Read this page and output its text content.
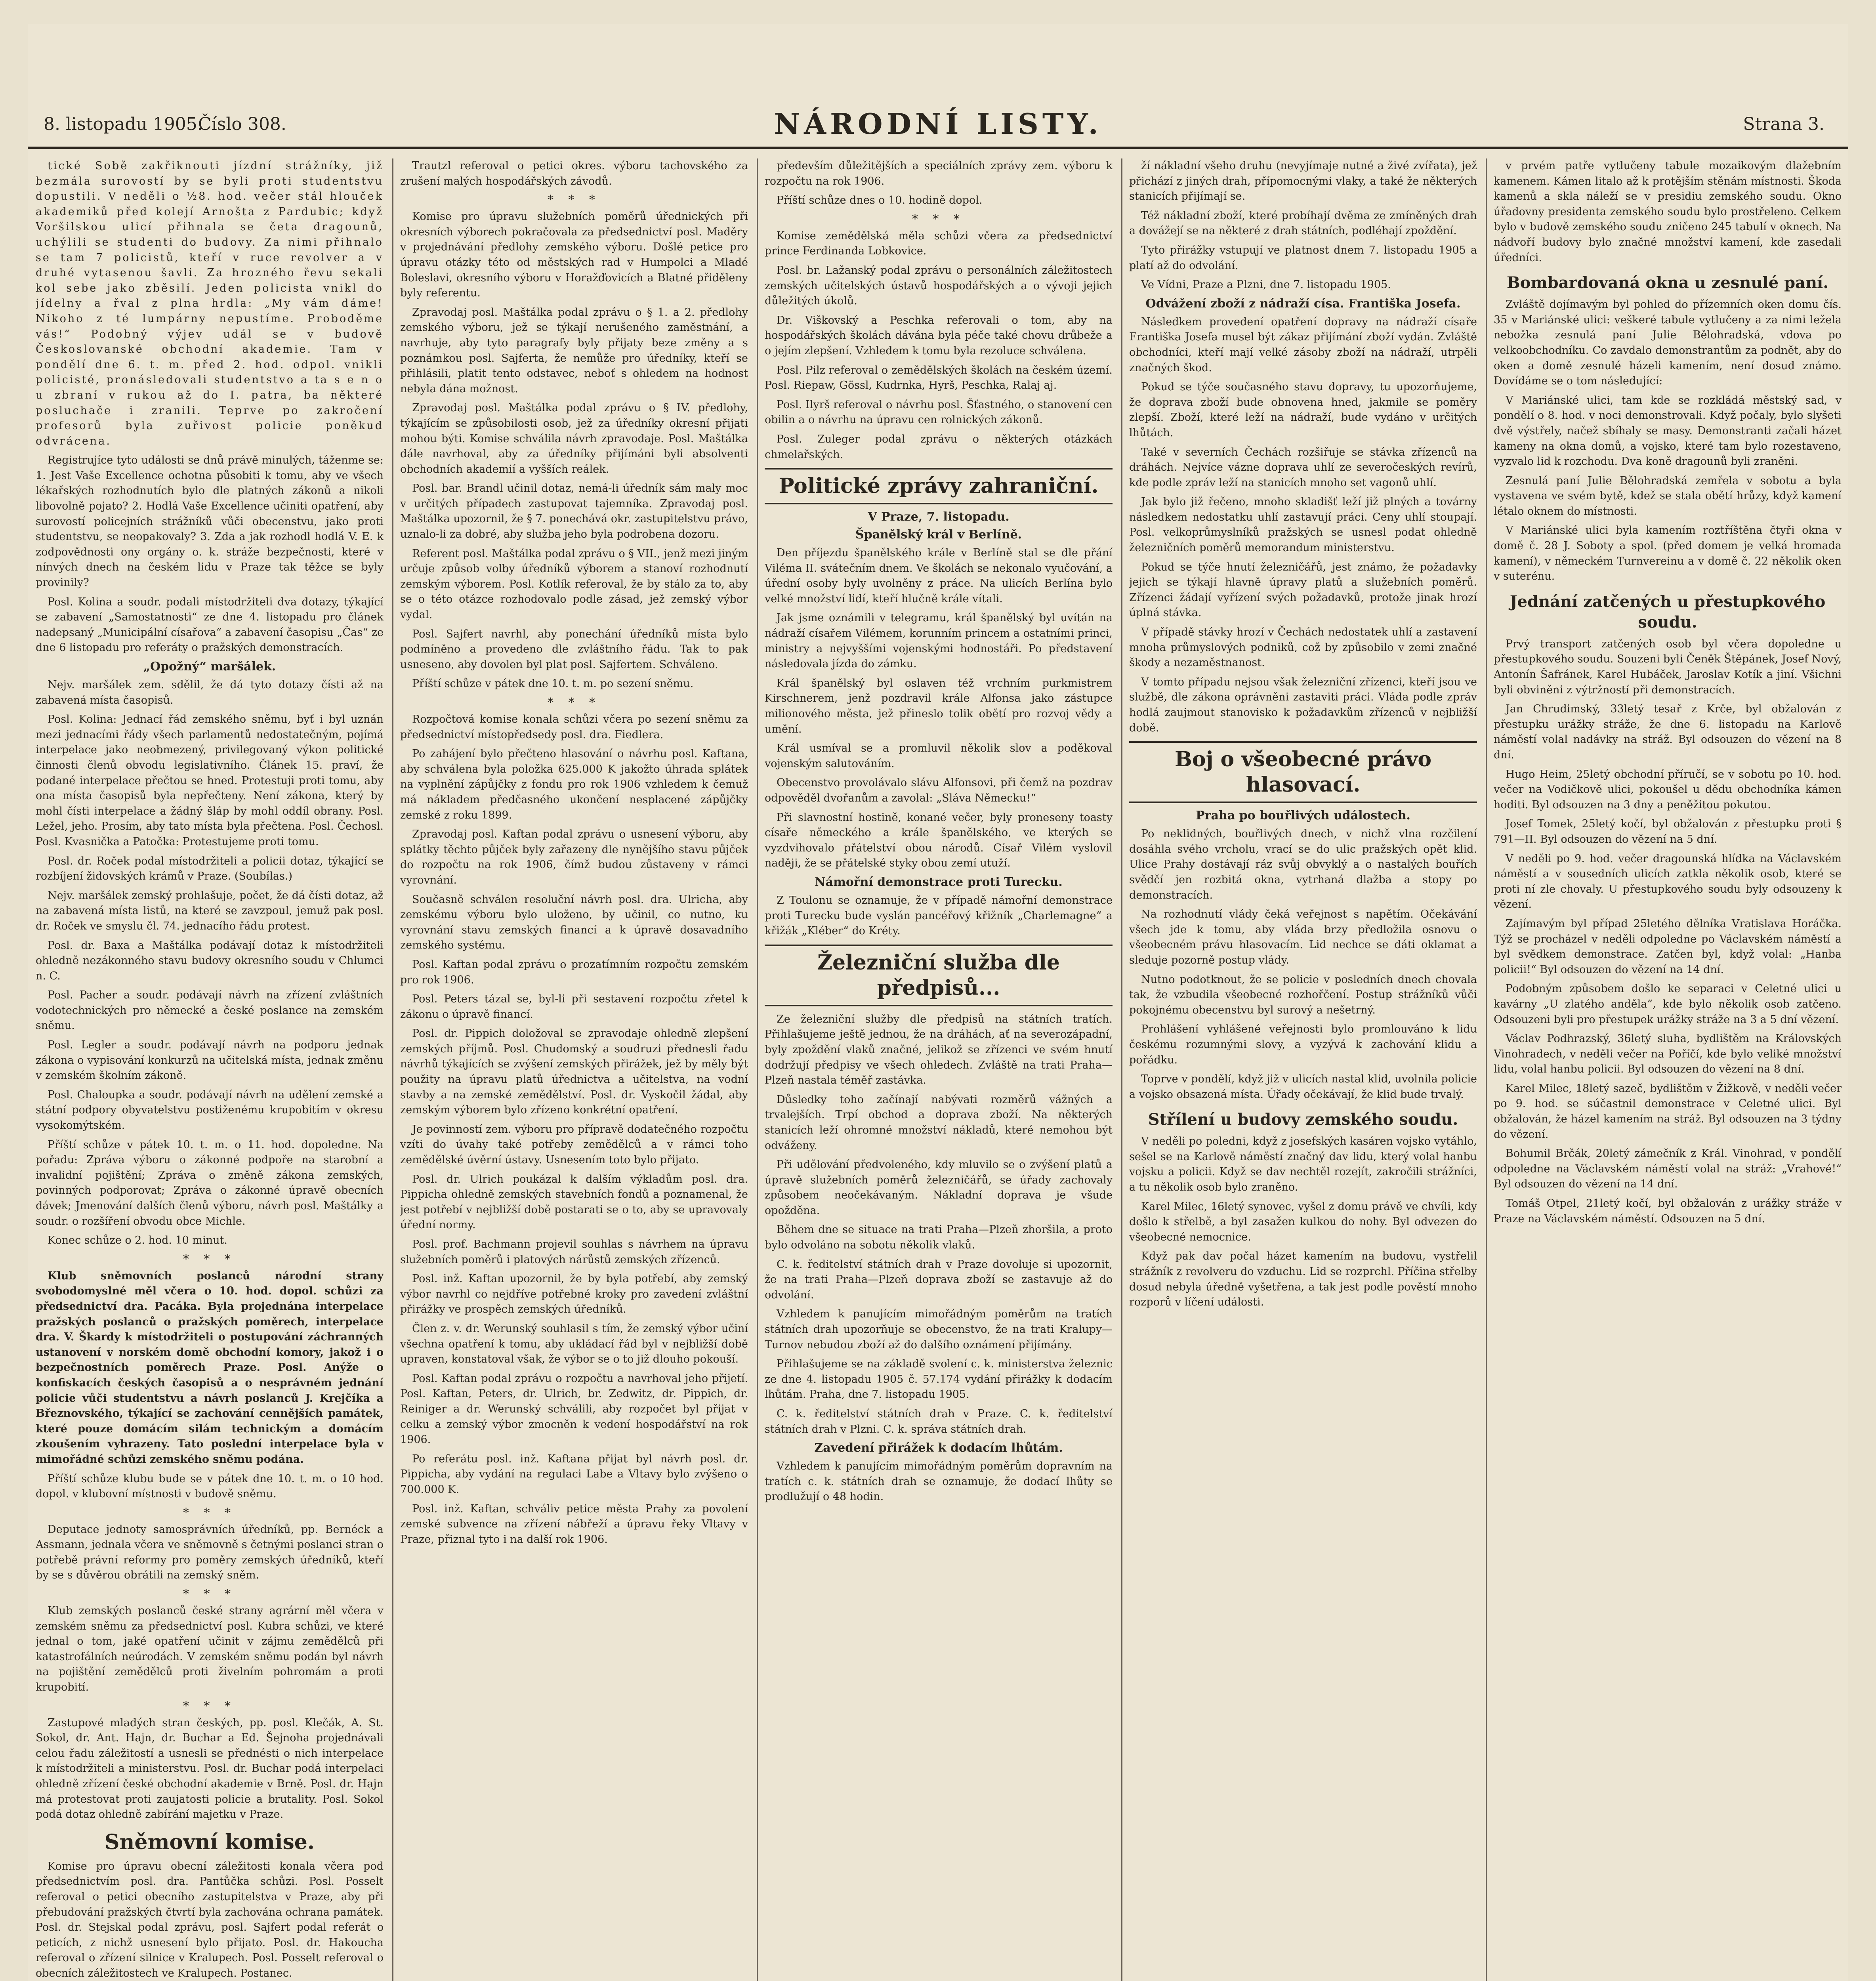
8. listopadu 1905.
Číslo 308.	NÁRODNÍ LISTY.	Strana 3.

tické Sobě zakřiknouti jízdní strážníky, již bezmála surovostí by se byli proti studentstvu dopustili. V neděli o ½8. hod. večer stál hlouček akademiků před kolejí Arnošta z Pardubic; když Voršilskou ulicí přihnala se četa dragounů, uchýlili se studenti do budovy. Za nimi přihnalo se tam 7 policistů, kteří v ruce revolver a v druhé vytasenou šavli. Za hrozného řevu sekali kol sebe jako zběsilí. Jeden policista vnikl do jídelny a řval z plna hrdla: „My vám dáme! Nikoho z té lumpárny nepustíme. Proboděme vás!“ Podobný výjev udál se v budově Českoslovanské obchodní akademie. Tam v pondělí dne 6. t. m. před 2. hod. odpol. vnikli policisté, pronásledovali studentstvo a ta s e n o u zbraní v rukou až do I. patra, ba některé posluchače i zranili. Teprve po zakročení profesorů byla zuřivost policie poněkud odvrácena.

Registrujíce tyto události se dnů právě minulých, táženme se: 1. Jest Vaše Excellence ochotna působiti k tomu, aby ve všech lékařských rozhodnutích bylo dle platných zákonů a nikoli libovolně pojato? 2. Hodlá Vaše Excellence učiniti opatření, aby surovostí policejních strážníků vůči obecenstvu, jako proti studentstvu, se neopakovaly? 3. Zda a jak rozhodl hodlá V. E. k zodpovědnosti ony orgány o. k. stráže bezpečnosti, které v nínvých dnech na českém lidu v Praze tak těžce se byly provinily?

Posl. Kolina a soudr. podali místodržiteli dva dotazy, týkající se zabavení „Samostatnosti“ ze dne 4. listopadu pro článek nadepsaný „Municipální císařova“ a zabavení časopisu „Čas“ ze dne 6 listopadu pro referáty o pražských demonstracích.

„Opožný“ maršálek.

Nejv. maršálek zem. sdělil, že dá tyto dotazy čísti až na zabavená místa časopisů.

Posl. Kolina: Jednací řád zemského sněmu, byť i byl uznán mezi jednacími řády všech parlamentů nedostatečným, pojímá interpelace jako neobmezený, privilegovaný výkon politické činnosti členů obvodu legislativního. Článek 15. praví, že podané interpelace přečtou se hned. Protestuji proti tomu, aby ona místa časopisů byla nepřečteny. Není zákona, který by mohl čísti interpelace a žádný šláp by mohl oddíl obrany. Posl. Ležel, jeho. Prosím, aby tato místa byla přečtena. Posl. Čechosl. Posl. Kvasnička a Patočka: Protestujeme proti tomu.

Posl. dr. Roček podal místodržiteli a policii dotaz, týkající se rozbíjení židovských krámů v Praze. (Soubílas.)

Nejv. maršálek zemský prohlašuje, počet, že dá čísti dotaz, až na zabavená místa listů, na které se zavzpoul, jemuž pak posl. dr. Roček ve smyslu čl. 74. jednacího řádu protest.

Posl. dr. Baxa a Maštálka podávají dotaz k místodržiteli ohledně nezákonného stavu budovy okresního soudu v Chlumci n. C.

Posl. Pacher a soudr. podávají návrh na zřízení zvláštních vodotechnických pro německé a české poslance na zemském sněmu.

Posl. Legler a soudr. podávají návrh na podporu jednak zákona o vypisování konkurzů na učitelská místa, jednak změnu v zemském školním zákoně.

Posl. Chaloupka a soudr. podávají návrh na udělení zemské a státní podpory obyvatelstvu postiženému krupobitím v okresu vysokomýtském.

Příští schůze v pátek 10. t. m. o 11. hod. dopoledne. Na pořadu: Zpráva výboru o zákonné podpoře na starobní a invalidní pojištění; Zpráva o změně zákona zemských, povinných podporovat; Zpráva o zákonné úpravě obecních dávek; Jmenování dalších členů výboru, návrh posl. Maštálky a soudr. o rozšíření obvodu obce Michle.

Konec schůze o 2. hod. 10 minut.

* * *

Klub sněmovních poslanců národní strany svobodomyslné měl včera o 10. hod. dopol. schůzi za předsednictví dra. Pacáka. Byla projednána interpelace pražských poslanců o pražských poměrech, interpelace dra. V. Škardy k místodržiteli o postupování záchranných ustanovení v norském domě obchodní komory, jakož i o bezpečnostních poměrech Praze. Posl. Anýže o konfiskacích českých časopisů a o nesprávném jednání policie vůči studentstvu a návrh poslanců J. Krejčíka a Březnovského, týkající se zachování cennějších památek, které pouze domácím silám technickým a domácím zkoušením vyhrazeny. Tato poslední interpelace byla v mimořádné schůzi zemského sněmu podána.

Příští schůze klubu bude se v pátek dne 10. t. m. o 10 hod. dopol. v klubovní místnosti v budově sněmu.

* * *

Deputace jednoty samosprávních úředníků, pp. Bernéck a Assmann, jednala včera ve sněmovně s četnými poslanci stran o potřebě právní reformy pro poměry zemských úředníků, kteří by se s důvěrou obrátili na zemský sněm.

* * *

Klub zemských poslanců české strany agrární měl včera v zemském sněmu za předsednictví posl. Kubra schůzi, ve které jednal o tom, jaké opatření učinit v zájmu zemědělců při katastrofálních neúrodách. V zemském sněmu podán byl návrh na pojištění zemědělců proti živelním pohromám a proti krupobití.

* * *

Zastupové mladých stran českých, pp. posl. Klečák, A. St. Sokol, dr. Ant. Hajn, dr. Buchar a Ed. Šejnoha projednávali celou řadu záležitostí a usnesli se přednésti o nich interpelace k místodržiteli a ministerstvu. Posl. dr. Buchar podá interpelaci ohledně zřízení české obchodní akademie v Brně. Posl. dr. Hajn má protestovat proti zaujatosti policie a brutality. Posl. Sokol podá dotaz ohledně zabírání majetku v Praze.

Sněmovní komise.

Komise pro úpravu obecní záležitosti konala včera pod předsednictvím posl. dra. Pantůčka schůzi. Posl. Posselt referoval o petici obecního zastupitelstva v Praze, aby při přebudování pražských čtvrtí byla zachována ochrana památek. Posl. dr. Stejskal podal zprávu, posl. Sajfert podal referát o peticích, z nichž usnesení bylo přijato. Posl. dr. Hakoucha referoval o zřízení silnice v Kralupech. Posl. Posselt referoval o obecních záležitostech ve Kralupech. Postanec.

Trautzl referoval o petici okres. výboru tachovského za zrušení malých hospodářských závodů.

* * *

Komise pro úpravu služebních poměrů úřednických při okresních výborech pokračovala za předsednictví posl. Maděry v projednávání předlohy zemského výboru. Došlé petice pro úpravu otázky této od městských rad v Humpolci a Mladé Boleslavi, okresního výboru v Horažďovicích a Blatné přiděleny byly referentu.

Zpravodaj posl. Maštálka podal zprávu o § 1. a 2. předlohy zemského výboru, jež se týkají nerušeného zaměstnání, a navrhuje, aby tyto paragrafy byly přijaty beze změny a s poznámkou posl. Sajferta, že nemůže pro úředníky, kteří se přihlásili, platit tento odstavec, neboť s ohledem na hodnost nebyla dána možnost.

Zpravodaj posl. Maštálka podal zprávu o § IV. předlohy, týkajícím se způsobilosti osob, jež za úředníky okresní přijati mohou býti. Komise schválila návrh zpravodaje. Posl. Maštálka dále navrhoval, aby za úředníky přijímáni byli absolventi obchodních akademií a vyšších reálek.

Posl. bar. Brandl učinil dotaz, nemá-li úředník sám maly moc v určitých případech zastupovat tajemníka. Zpravodaj posl. Maštálka upozornil, že § 7. ponechává okr. zastupitelstvu právo, uznalo-li za dobré, aby služba jeho byla podrobena dozoru.

Referent posl. Maštálka podal zprávu o § VII., jenž mezi jiným určuje způsob volby úředníků výborem a stanoví rozhodnutí zemským výborem. Posl. Kotlík referoval, že by stálo za to, aby se o této otázce rozhodovalo podle zásad, jež zemský výbor vydal.

Posl. Sajfert navrhl, aby ponechání úředníků místa bylo podmíněno a provedeno dle zvláštního řádu. Tak to pak usneseno, aby dovolen byl plat posl. Sajfertem. Schváleno.

Příští schůze v pátek dne 10. t. m. po sezení sněmu.

* * *

Rozpočtová komise konala schůzi včera po sezení sněmu za předsednictví místopředsedy posl. dra. Fiedlera.

Po zahájení bylo přečteno hlasování o návrhu posl. Kaftana, aby schválena byla položka 625.000 K jakožto úhrada splátek na vyplnění zápůjčky z fondu pro rok 1906 vzhledem k čemuž má nákladem předčasného ukončení nesplacené zápůjčky zemské z roku 1899.

Zpravodaj posl. Kaftan podal zprávu o usnesení výboru, aby splátky těchto půjček byly zařazeny dle nynějšího stavu půjček do rozpočtu na rok 1906, čímž budou zůstaveny v rámci vyrovnání.

Současně schválen resoluční návrh posl. dra. Ulricha, aby zemskému výboru bylo uloženo, by učinil, co nutno, ku vyrovnání stavu zemských financí a k úpravě dosavadního zemského systému.

Posl. Kaftan podal zprávu o prozatímním rozpočtu zemském pro rok 1906.

Posl. Peters tázal se, byl-li při sestavení rozpočtu zřetel k zákonu o úpravě financí.

Posl. dr. Pippich doložoval se zpravodaje ohledně zlepšení zemských příjmů. Posl. Chudomský a soudruzi přednesli řadu návrhů týkajících se zvýšení zemských přirážek, jež by měly být použity na úpravu platů úřednictva a učitelstva, na vodní stavby a na zemské zemědělství. Posl. dr. Vyskočil žádal, aby zemským výborem bylo zřízeno konkrétní opatření.

Je povinností zem. výboru pro přípravě dodatečného rozpočtu vzíti do úvahy také potřeby zemědělců a v rámci toho zemědělské úvěrní ústavy. Usnesením toto bylo přijato.

Posl. dr. Ulrich poukázal k dalším výkladům posl. dra. Pippicha ohledně zemských stavebních fondů a poznamenal, že jest potřebí v nejbližší době postarati se o to, aby se upravovaly úřední normy.

Posl. prof. Bachmann projevil souhlas s návrhem na úpravu služebních poměrů i platových nárůstů zemských zřízenců.

Posl. inž. Kaftan upozornil, že by byla potřebí, aby zemský výbor navrhl co nejdříve potřebné kroky pro zavedení zvláštní přirážky ve prospěch zemských úředníků.

Člen z. v. dr. Werunský souhlasil s tím, že zemský výbor učiní všechna opatření k tomu, aby ukládací řád byl v nejbližší době upraven, konstatoval však, že výbor se o to již dlouho pokouší.

Posl. Kaftan podal zprávu o rozpočtu a navrhoval jeho přijetí. Posl. Kaftan, Peters, dr. Ulrich, br. Zedwitz, dr. Pippich, dr. Reiniger a dr. Werunský schválili, aby rozpočet byl přijat v celku a zemský výbor zmocněn k vedení hospodářství na rok 1906.

Po referátu posl. inž. Kaftana přijat byl návrh posl. dr. Pippicha, aby vydání na regulaci Labe a Vltavy bylo zvýšeno o 700.000 K.

Posl. inž. Kaftan, schváliv petice města Prahy za povolení zemské subvence na zřízení nábřeží a úpravu řeky Vltavy v Praze, přiznal tyto i na další rok 1906.

především důležitějších a speciálních zprávy zem. výboru k rozpočtu na rok 1906.

Příští schůze dnes o 10. hodině dopol.

* * *

Komise zemědělská měla schůzi včera za předsednictví prince Ferdinanda Lobkovice.

Posl. br. Lažanský podal zprávu o personálních záležitostech zemských učitelských ústavů hospodářských a o vývoji jejich důležitých úkolů.

Dr. Viškovský a Peschka referovali o tom, aby na hospodářských školách dávána byla péče také chovu drůbeže a o jejím zlepšení. Vzhledem k tomu byla rezoluce schválena.

Posl. Pilz referoval o zemědělských školách na českém území. Posl. Riepaw, Gössl, Kudrnka, Hyrš, Peschka, Ralaj aj.

Posl. Ilyrš referoval o návrhu posl. Šťastného, o stanovení cen obilin a o návrhu na úpravu cen rolnických zákonů.

Posl. Zuleger podal zprávu o některých otázkách chmelařských.

Politické zprávy zahraniční.
V Praze, 7. listopadu.
Španělský král v Berlíně.

Den příjezdu španělského krále v Berlíně stal se dle přání Viléma II. svátečním dnem. Ve školách se nekonalo vyučování, a úřední osoby byly uvolněny z práce. Na ulicích Berlína bylo velké množství lidí, kteří hlučně krále vítali.

Jak jsme oznámili v telegramu, král španělský byl uvítán na nádraží císařem Vilémem, korunním princem a ostatními princi, ministry a nejvyššími vojenskými hodnostáři. Po představení následovala jízda do zámku.

Král španělský byl oslaven též vrchním purkmistrem Kirschnerem, jenž pozdravil krále Alfonsa jako zástupce milionového města, jež přineslo tolik obětí pro rozvoj vědy a umění.

Král usmíval se a promluvil několik slov a poděkoval vojenským salutováním.

Obecenstvo provolávalo slávu Alfonsovi, při čemž na pozdrav odpověděl dvořanům a zavolal: „Sláva Německu!“

Při slavnostní hostině, konané večer, byly proneseny toasty císaře německého a krále španělského, ve kterých se vyzdvihovalo přátelství obou národů. Císař Vilém vyslovil naději, že se přátelské styky obou zemí utuží.

Námořní demonstrace proti Turecku.

Z Toulonu se oznamuje, že v případě námořní demonstrace proti Turecku bude vyslán pancéřový křižník „Charlemagne“ a křižák „Kléber“ do Kréty.

Železniční služba dle předpisů...

Ze železniční služby dle předpisů na státních tratích. Přihlašujeme ještě jednou, že na dráhách, ať na severozápadní, byly zpoždění vlaků značné, jelikož se zřízenci ve svém hnutí dodržují předpisy ve všech ohledech. Zvláště na trati Praha—Plzeň nastala téměř zastávka.

Důsledky toho začínají nabývati rozměrů vážných a trvalejších. Trpí obchod a doprava zboží. Na některých stanicích leží ohromné množství nákladů, které nemohou být odváženy.

Při udělování předvoleného, kdy mluvilo se o zvýšení platů a úpravě služebních poměrů železničářů, se úřady zachovaly způsobem neočekávaným. Nákladní doprava je všude opožděna.

Během dne se situace na trati Praha—Plzeň zhoršila, a proto bylo odvoláno na sobotu několik vlaků.

C. k. ředitelství státních drah v Praze dovoluje si upozornit, že na trati Praha—Plzeň doprava zboží se zastavuje až do odvolání.

Vzhledem k panujícím mimořádným poměrům na tratích státních drah upozorňuje se obecenstvo, že na trati Kralupy—Turnov nebudou zboží až do dalšího oznámení přijímány.

Přihlašujeme se na základě svolení c. k. ministerstva železnic ze dne 4. listopadu 1905 č. 57.174 vydání přirážky k dodacím lhůtám. Praha, dne 7. listopadu 1905.

C. k. ředitelství státních drah v Praze. C. k. ředitelství státních drah v Plzni. C. k. správa státních drah.

Zavedení přirážek k dodacím lhůtám.

Vzhledem k panujícím mimořádným poměrům dopravním na tratích c. k. státních drah se oznamuje, že dodací lhůty se prodlužují o 48 hodin.

ží nákladní všeho druhu (nevyjímaje nutné a živé zvířata), jež přichází z jiných drah, přípomocnými vlaky, a také že některých stanicích přijímají se.

Též nákladní zboží, které probíhají dvěma ze zmíněných drah a dovážejí se na některé z drah státních, podléhají zpoždění.

Tyto přirážky vstupují ve platnost dnem 7. listopadu 1905 a platí až do odvolání.

Ve Vídni, Praze a Plzni, dne 7. listopadu 1905.

Odvážení zboží z nádraží císa. Františka Josefa.

Následkem provedení opatření dopravy na nádraží císaře Františka Josefa musel být zákaz přijímání zboží vydán. Zvláště obchodníci, kteří mají velké zásoby zboží na nádraží, utrpěli značných škod.

Pokud se týče současného stavu dopravy, tu upozorňujeme, že doprava zboží bude obnovena hned, jakmile se poměry zlepší. Zboží, které leží na nádraží, bude vydáno v určitých lhůtách.

Také v severních Čechách rozšiřuje se stávka zřízenců na dráhách. Nejvíce vázne doprava uhlí ze severočeských revírů, kde podle zpráv leží na stanicích mnoho set vagonů uhlí.

Jak bylo již řečeno, mnoho skladišť leží již plných a továrny následkem nedostatku uhlí zastavují práci. Ceny uhlí stoupají. Posl. velkoprůmyslníků pražských se usnesl podat ohledně železničních poměrů memorandum ministerstvu.

Pokud se týče hnutí železničářů, jest známo, že požadavky jejich se týkají hlavně úpravy platů a služebních poměrů. Zřízenci žádají vyřízení svých požadavků, protože jinak hrozí úplná stávka.

V případě stávky hrozí v Čechách nedostatek uhlí a zastavení mnoha průmyslových podniků, což by způsobilo v zemi značné škody a nezaměstnanost.

V tomto případu nejsou však železniční zřízenci, kteří jsou ve službě, dle zákona oprávněni zastaviti práci. Vláda podle zpráv hodlá zaujmout stanovisko k požadavkům zřízenců v nejbližší době.

Boj o všeobecné právo hlasovací.
Praha po bouřlivých událostech.

Po neklidných, bouřlivých dnech, v nichž vlna rozčilení dosáhla svého vrcholu, vrací se do ulic pražských opět klid. Ulice Prahy dostávají ráz svůj obvyklý a o nastalých bouřích svědčí jen rozbitá okna, vytrhaná dlažba a stopy po demonstracích.

Na rozhodnutí vlády čeká veřejnost s napětím. Očekávání všech jde k tomu, aby vláda brzy předložila osnovu o všeobecném právu hlasovacím. Lid nechce se dáti oklamat a sleduje pozorně postup vlády.

Nutno podotknout, že se policie v posledních dnech chovala tak, že vzbudila všeobecné rozhořčení. Postup strážníků vůči pokojnému obecenstvu byl surový a nešetrný.

Prohlášení vyhlášené veřejnosti bylo promlouváno k lidu českému rozumnými slovy, a vyzývá k zachování klidu a pořádku.

Toprve v pondělí, když již v ulicích nastal klid, uvolnila policie a vojsko obsazená místa. Úřady očekávají, že klid bude trvalý.

Střílení u budovy zemského soudu.

V neděli po poledni, když z josefských kasáren vojsko vytáhlo, sešel se na Karlově náměstí značný dav lidu, který volal hanbu vojsku a policii. Když se dav nechtěl rozejít, zakročili strážníci, a tu několik osob bylo zraněno.

Karel Milec, 16letý synovec, vyšel z domu právě ve chvíli, kdy došlo k střelbě, a byl zasažen kulkou do nohy. Byl odvezen do všeobecné nemocnice.

Když pak dav počal házet kamením na budovu, vystřelil strážník z revolveru do vzduchu. Lid se rozprchl. Příčina střelby dosud nebyla úředně vyšetřena, a tak jest podle pověstí mnoho rozporů v líčení události.

v prvém patře vytlučeny tabule mozaikovým dlažebním kamenem. Kámen litalo až k protějším stěnám místnosti. Škoda kamenů a skla náleží se v presidiu zemského soudu. Okno úřadovny presidenta zemského soudu bylo prostřeleno. Celkem bylo v budově zemského soudu zničeno 245 tabulí v oknech. Na nádvoří budovy bylo značné množství kamení, kde zasedali úředníci.

Bombardovaná okna u zesnulé paní.

Zvláště dojímavým byl pohled do přízemních oken domu čís. 35 v Mariánské ulici: veškeré tabule vytlučeny a za nimi ležela nebožka zesnulá paní Julie Bělohradská, vdova po velkoobchodníku. Co zavdalo demonstrantům za podnět, aby do oken a domě zesnulé házeli kamením, není dosud známo. Dovídáme se o tom následující:

V Mariánské ulici, tam kde se rozkládá městský sad, v pondělí o 8. hod. v noci demonstrovali. Když počaly, bylo slyšeti dvě výstřely, načež sbíhaly se masy. Demonstranti začali házet kameny na okna domů, a vojsko, které tam bylo rozestaveno, vyzvalo lid k rozchodu. Dva koně dragounů byli zraněni.

Zesnulá paní Julie Bělohradská zemřela v sobotu a byla vystavena ve svém bytě, kdež se stala obětí hrůzy, když kamení létalo oknem do místnosti.

V Mariánské ulici byla kamením roztříštěna čtyři okna v domě č. 28 J. Soboty a spol. (před domem je velká hromada kamení), v německém Turnvereinu a v domě č. 22 několik oken v suterénu.

Jednání zatčených u přestupkového soudu.

Prvý transport zatčených osob byl včera dopoledne u přestupkového soudu. Souzeni byli Čeněk Štěpánek, Josef Nový, Antonín Šafránek, Karel Hubáček, Jaroslav Kotík a jiní. Všichni byli obviněni z výtržností při demonstracích.

Jan Chrudimský, 33letý tesař z Krče, byl obžalován z přestupku urážky stráže, že dne 6. listopadu na Karlově náměstí volal nadávky na stráž. Byl odsouzen do vězení na 8 dní.

Hugo Heim, 25letý obchodní příručí, se v sobotu po 10. hod. večer na Vodičkově ulici, pokoušel u dědu obchodníka kámen hoditi. Byl odsouzen na 3 dny a peněžitou pokutou.

Josef Tomek, 25letý kočí, byl obžalován z přestupku proti § 791—II. Byl odsouzen do vězení na 5 dní.

V neděli po 9. hod. večer dragounská hlídka na Václavském náměstí a v sousedních ulicích zatkla několik osob, které se proti ní zle chovaly. U přestupkového soudu byly odsouzeny k vězení.

Zajímavým byl případ 25letého dělníka Vratislava Horáčka. Týž se procházel v neděli odpoledne po Václavském náměstí a byl svědkem demonstrace. Zatčen byl, když volal: „Hanba policii!“ Byl odsouzen do vězení na 14 dní.

Podobným způsobem došlo ke separaci v Celetné ulici u kavárny „U zlatého anděla“, kde bylo několik osob zatčeno. Odsouzeni byli pro přestupek urážky stráže na 3 a 5 dní vězení.

Václav Podhrazský, 36letý sluha, bydlištěm na Královských Vinohradech, v neděli večer na Poříčí, kde bylo veliké množství lidu, volal hanbu policii. Byl odsouzen do vězení na 8 dní.

Karel Milec, 18letý sazeč, bydlištěm v Žižkově, v neděli večer po 9. hod. se súčastnil demonstrace v Celetné ulici. Byl obžalován, že házel kamením na stráž. Byl odsouzen na 3 týdny do vězení.

Bohumil Brčák, 20letý zámečník z Král. Vinohrad, v pondělí odpoledne na Václavském náměstí volal na stráž: „Vrahové!“ Byl odsouzen do vězení na 14 dní.

Tomáš Otpel, 21letý kočí, byl obžalován z urážky stráže v Praze na Václavském náměstí. Odsouzen na 5 dní.
